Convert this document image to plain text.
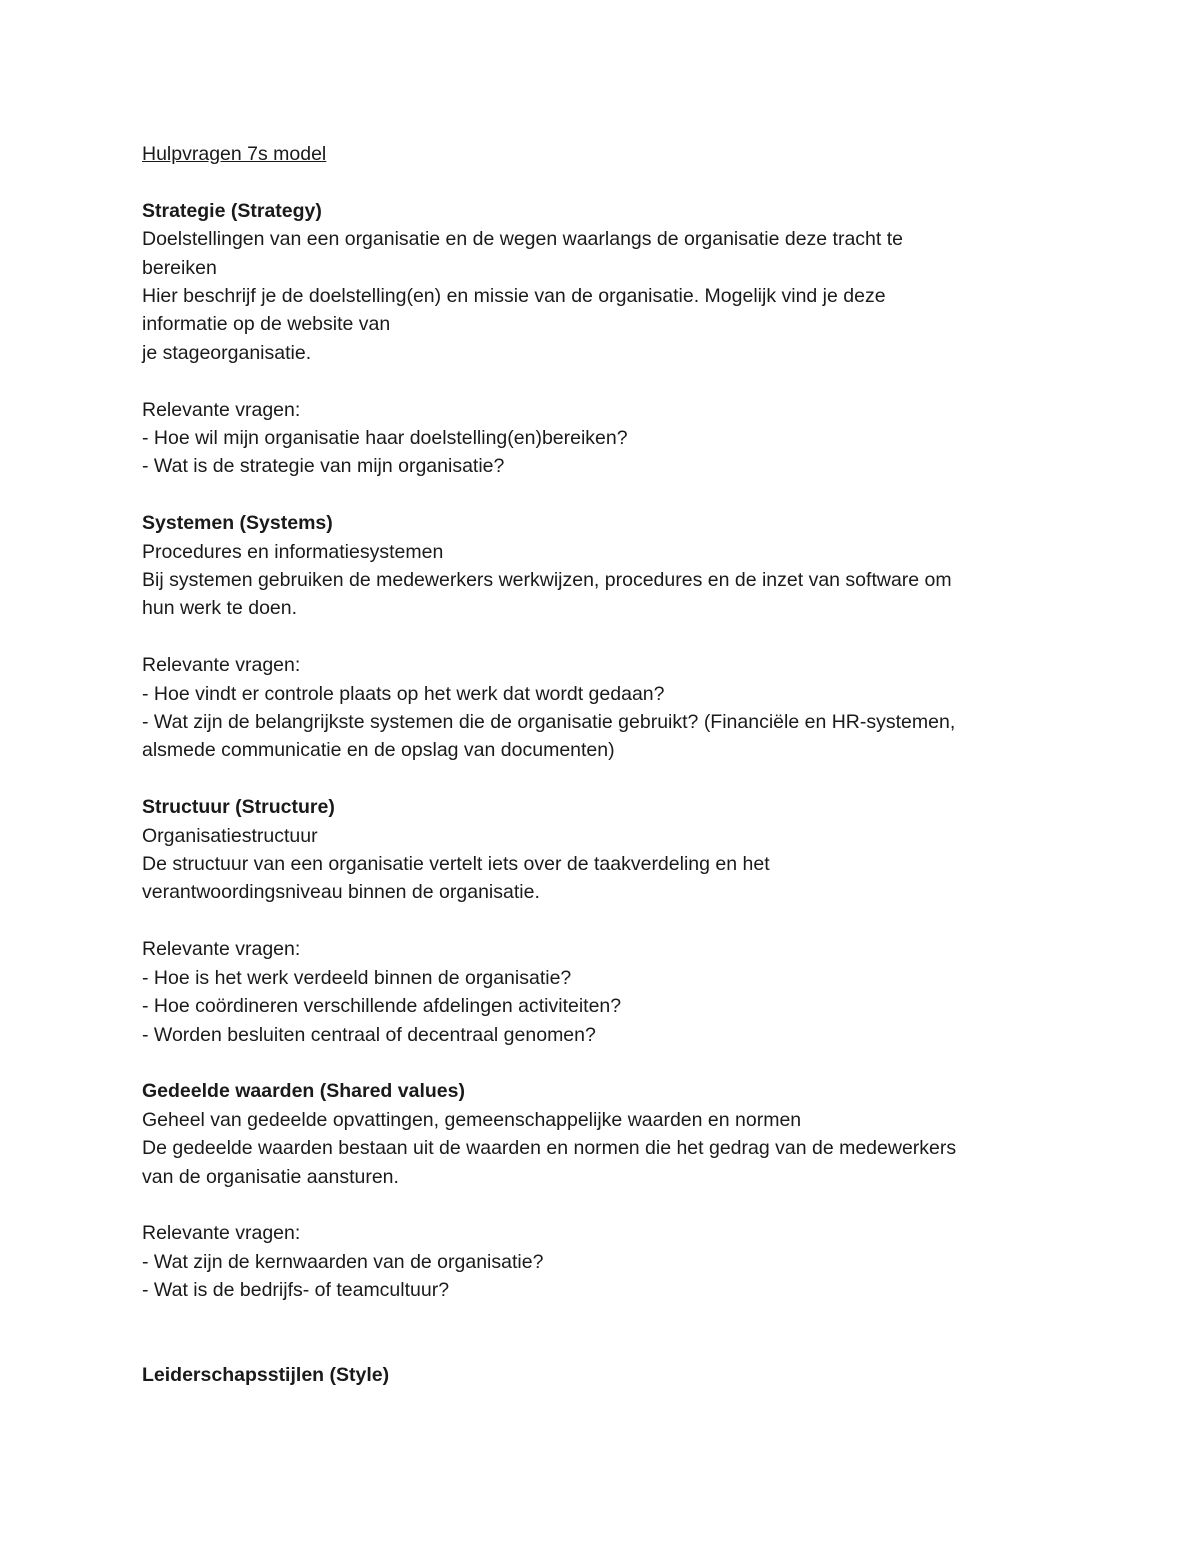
Hulpvragen 7s model
Strategie (Strategy)
Doelstellingen van een organisatie en de wegen waarlangs de organisatie deze tracht te
bereiken
Hier beschrijf je de doelstelling(en) en missie van de organisatie. Mogelijk vind je deze
informatie op de website van
je stageorganisatie.
Relevante vragen:
- Hoe wil mijn organisatie haar doelstelling(en)bereiken?
- Wat is de strategie van mijn organisatie?
Systemen (Systems)
Procedures en informatiesystemen
Bij systemen gebruiken de medewerkers werkwijzen, procedures en de inzet van software om
hun werk te doen.
Relevante vragen:
- Hoe vindt er controle plaats op het werk dat wordt gedaan?
- Wat zijn de belangrijkste systemen die de organisatie gebruikt? (Financiële en HR-systemen,
alsmede communicatie en de opslag van documenten)
Structuur (Structure)
Organisatiestructuur
De structuur van een organisatie vertelt iets over de taakverdeling en het
verantwoordingsniveau binnen de organisatie.
Relevante vragen:
- Hoe is het werk verdeeld binnen de organisatie?
- Hoe coördineren verschillende afdelingen activiteiten?
- Worden besluiten centraal of decentraal genomen?
Gedeelde waarden (Shared values)
Geheel van gedeelde opvattingen, gemeenschappelijke waarden en normen
De gedeelde waarden bestaan uit de waarden en normen die het gedrag van de medewerkers
van de organisatie aansturen.
Relevante vragen:
- Wat zijn de kernwaarden van de organisatie?
- Wat is de bedrijfs- of teamcultuur?
Leiderschapsstijlen (Style)
